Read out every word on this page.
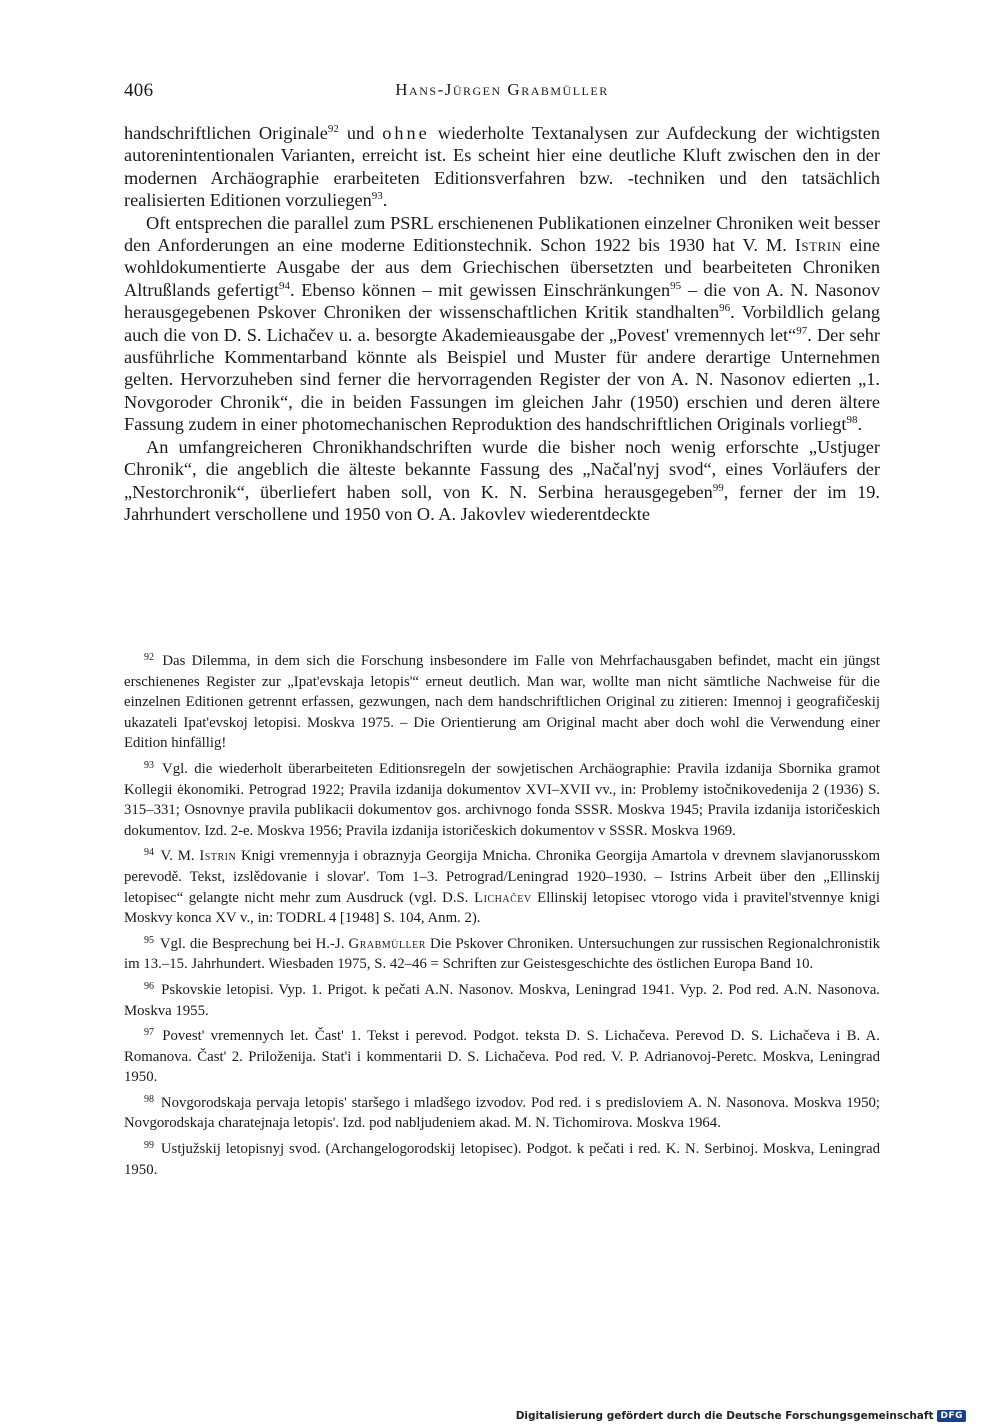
406	Hans-Jürgen Grabmüller

handschriftlichen Originale$^{92}$ und ohne wiederholte Textanalysen zur Aufdeckung der wichtigsten autorenintentionalen Varianten, erreicht ist. Es scheint hier eine deutliche Kluft zwischen den in der modernen Archäographie erarbeiteten Editionsverfahren bzw. -techniken und den tatsächlich realisierten Editionen vorzuliegen$^{93}$.

Oft entsprechen die parallel zum PSRL erschienenen Publikationen einzelner Chroniken weit besser den Anforderungen an eine moderne Editionstechnik. Schon 1922 bis 1930 hat V. M. Istrin eine wohldokumentierte Ausgabe der aus dem Griechischen übersetzten und bearbeiteten Chroniken Altrußlands gefertigt$^{94}$. Ebenso können – mit gewissen Einschränkungen$^{95}$ – die von A. N. Nasonov herausgegebenen Pskover Chroniken der wissenschaftlichen Kritik standhalten$^{96}$. Vorbildlich gelang auch die von D. S. Lichačev u. a. besorgte Akademieausgabe der „Povest' vremennych let“$^{97}$. Der sehr ausführliche Kommentarband könnte als Beispiel und Muster für andere derartige Unternehmen gelten. Hervorzuheben sind ferner die hervorragenden Register der von A. N. Nasonov edierten „1. Novgoroder Chronik“, die in beiden Fassungen im gleichen Jahr (1950) erschien und deren ältere Fassung zudem in einer photomechanischen Reproduktion des handschriftlichen Originals vorliegt$^{98}$.

An umfangreicheren Chronikhandschriften wurde die bisher noch wenig erforschte „Ustjuger Chronik“, die angeblich die älteste bekannte Fassung des „Načal'nyj svod“, eines Vorläufers der „Nestorchronik“, überliefert haben soll, von K. N. Serbina herausgegeben$^{99}$, ferner der im 19. Jahrhundert verschollene und 1950 von O. A. Jakovlev wiederentdeckte

$^{92}$ Das Dilemma, in dem sich die Forschung insbesondere im Falle von Mehrfachausgaben befindet, macht ein jüngst erschienenes Register zur „Ipat'evskaja letopis'“ erneut deutlich. Man war, wollte man nicht sämtliche Nachweise für die einzelnen Editionen getrennt erfassen, gezwungen, nach dem handschriftlichen Original zu zitieren: Imennoj i geografičeskij ukazateli Ipat'evskoj letopisi. Moskva 1975. – Die Orientierung am Original macht aber doch wohl die Verwendung einer Edition hinfällig!

$^{93}$ Vgl. die wiederholt überarbeiteten Editionsregeln der sowjetischen Archäographie: Pravila izdanija Sbornika gramot Kollegii ėkonomiki. Petrograd 1922; Pravila izdanija dokumentov XVI–XVII vv., in: Problemy istočnikovedenija 2 (1936) S. 315–331; Osnovnye pravila publikacii dokumentov gos. archivnogo fonda SSSR. Moskva 1945; Pravila izdanija istoričeskich dokumentov. Izd. 2-e. Moskva 1956; Pravila izdanija istoričeskich dokumentov v SSSR. Moskva 1969.

$^{94}$ V. M. Istrin Knigi vremennyja i obraznyja Georgija Mnicha. Chronika Georgija Amartola v drevnem slavjanorusskom perevodě. Tekst, izslědovanie i slovar'. Tom 1–3. Petrograd/Leningrad 1920–1930. – Istrins Arbeit über den „Ellinskij letopisec“ gelangte nicht mehr zum Ausdruck (vgl. D.S. Lichačev Ellinskij letopisec vtorogo vida i pravitel'stvennye knigi Moskvy konca XV v., in: TODRL 4 [1948] S. 104, Anm. 2).

$^{95}$ Vgl. die Besprechung bei H.-J. Grabmüller Die Pskover Chroniken. Untersuchungen zur russischen Regionalchronistik im 13.–15. Jahrhundert. Wiesbaden 1975, S. 42–46 = Schriften zur Geistesgeschichte des östlichen Europa Band 10.

$^{96}$ Pskovskie letopisi. Vyp. 1. Prigot. k pečati A.N. Nasonov. Moskva, Leningrad 1941. Vyp. 2. Pod red. A.N. Nasonova. Moskva 1955.

$^{97}$ Povest' vremennych let. Čast' 1. Tekst i perevod. Podgot. teksta D. S. Lichačeva. Perevod D. S. Lichačeva i B. A. Romanova. Čast' 2. Priloženija. Stat'i i kommentarii D. S. Lichačeva. Pod red. V. P. Adrianovoj-Peretc. Moskva, Leningrad 1950.

$^{98}$ Novgorodskaja pervaja letopis' staršego i mladšego izvodov. Pod red. i s predisloviem A. N. Nasonova. Moskva 1950; Novgorodskaja charatejnaja letopis'. Izd. pod nabljudeniem akad. M. N. Tichomirova. Moskva 1964.

$^{99}$ Ustjužskij letopisnyj svod. (Archangelogorodskij letopisec). Podgot. k pečati i red. K. N. Serbinoj. Moskva, Leningrad 1950.

Digitalisierung gefördert durch die Deutsche Forschungsgemeinschaft DFG
